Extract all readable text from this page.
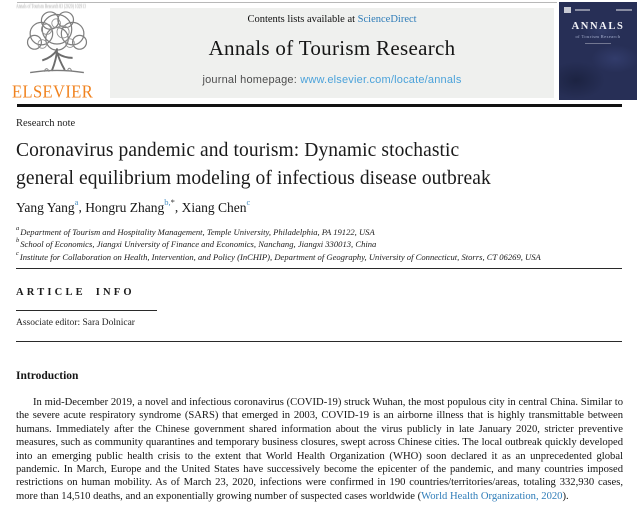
Annals of Tourism Research 83 (2020) 102913
ELSEVIER
Contents lists available at ScienceDirect
Annals of Tourism Research
journal homepage: www.elsevier.com/locate/annals
ANNALS
of Tourism Research
Research note
Coronavirus pandemic and tourism: Dynamic stochastic general equilibrium modeling of infectious disease outbreak
Yang Yang$^a$, Hongru Zhang$^{b,*}$, Xiang Chen$^c$
$^a$Department of Tourism and Hospitality Management, Temple University, Philadelphia, PA 19122, USA
$^b$School of Economics, Jiangxi University of Finance and Economics, Nanchang, Jiangxi 330013, China
$^c$Institute for Collaboration on Health, Intervention, and Policy (InCHIP), Department of Geography, University of Connecticut, Storrs, CT 06269, USA
ARTICLE INFO
Associate editor: Sara Dolnicar
Introduction

In mid-December 2019, a novel and infectious coronavirus (COVID-19) struck Wuhan, the most populous city in central China. Similar to the severe acute respiratory syndrome (SARS) that emerged in 2003, COVID-19 is an airborne illness that is highly transmittable between humans. Immediately after the Chinese government shared information about the virus publicly in late January 2020, stricter preventive measures, such as community quarantines and temporary business closures, swept across Chinese cities. The local outbreak quickly developed into an emerging public health crisis to the extent that World Health Organization (WHO) soon declared it as an unprecedented global pandemic. In March, Europe and the United States have successively become the epicenter of the pandemic, and many countries imposed restrictions on human mobility. As of March 23, 2020, infections were confirmed in 190 countries/territories/areas, totaling 332,930 cases, more than 14,510 deaths, and an exponentially growing number of suspected cases worldwide (World Health Organization, 2020).
